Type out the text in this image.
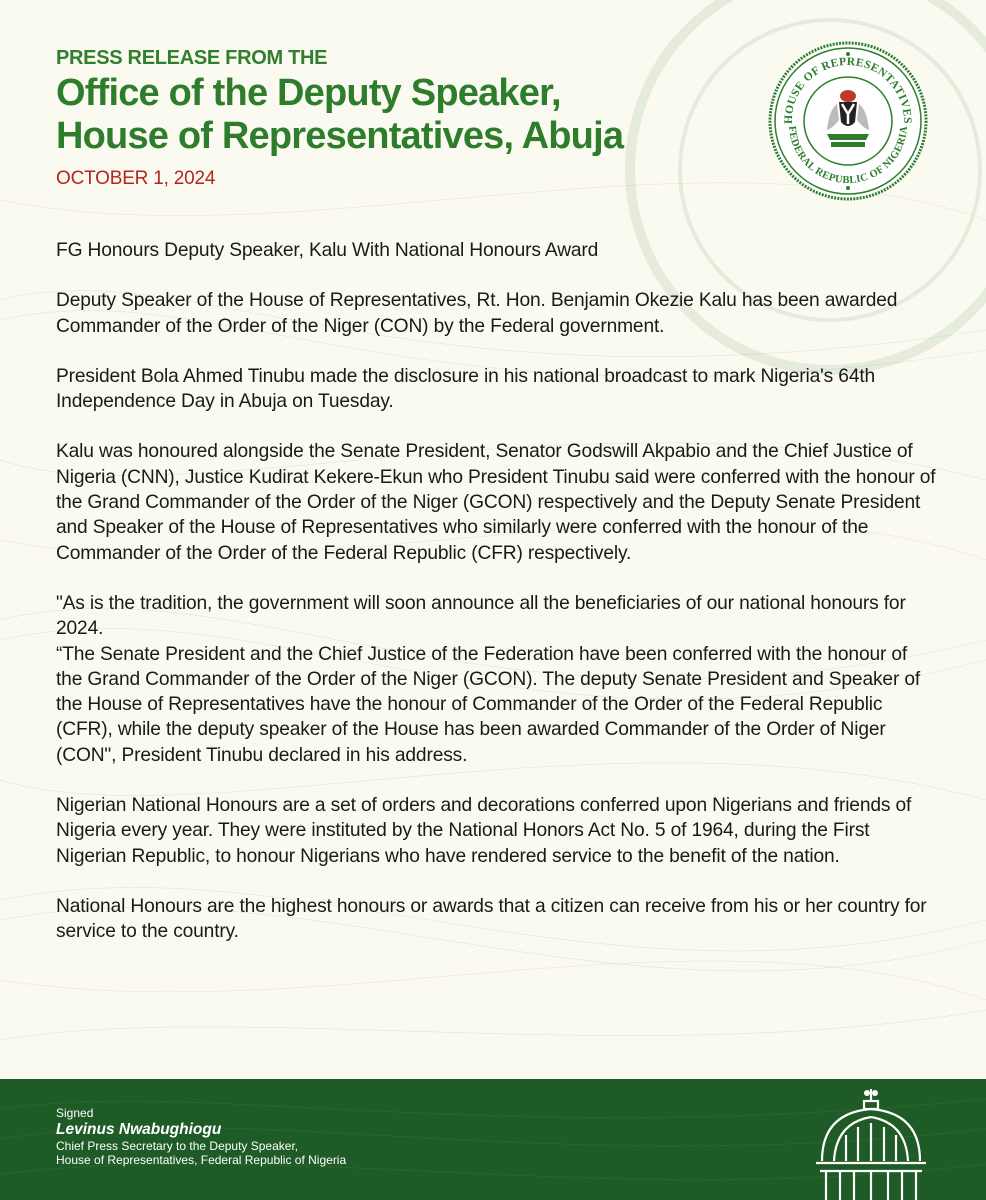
PRESS RELEASE FROM THE
Office of the Deputy Speaker,
House of Representatives, Abuja
OCTOBER 1, 2024
HOUSE OF REPRESENTATIVES
FEDERAL REPUBLIC OF NIGERIA

FG Honours Deputy Speaker, Kalu With National Honours Award

Deputy Speaker of the House of Representatives, Rt. Hon. Benjamin Okezie Kalu has been awarded Commander of the Order of the Niger (CON) by the Federal government.

President Bola Ahmed Tinubu made the disclosure in his national broadcast to mark Nigeria's 64th Independence Day in Abuja on Tuesday.

Kalu was honoured alongside the Senate President, Senator Godswill Akpabio and the Chief Justice of Nigeria (CNN), Justice Kudirat Kekere-Ekun who President Tinubu said were conferred with the honour of the Grand Commander of the Order of the Niger (GCON) respectively and the Deputy Senate President and Speaker of the House of Representatives who similarly were conferred with the honour of the Commander of the Order of the Federal Republic (CFR) respectively.

"As is the tradition, the government will soon announce all the beneficiaries of our national honours for 2024.

“The Senate President and the Chief Justice of the Federation have been conferred with the honour of the Grand Commander of the Order of the Niger (GCON). The deputy Senate President and Speaker of the House of Representatives have the honour of Commander of the Order of the Federal Republic (CFR), while the deputy speaker of the House has been awarded Commander of the Order of Niger (CON", President Tinubu declared in his address.

Nigerian National Honours are a set of orders and decorations conferred upon Nigerians and friends of Nigeria every year. They were instituted by the National Honors Act No. 5 of 1964, during the First Nigerian Republic, to honour Nigerians who have rendered service to the benefit of the nation.

National Honours are the highest honours or awards that a citizen can receive from his or her country for service to the country.

Signed
Levinus Nwabughiogu
Chief Press Secretary to the Deputy Speaker,
House of Representatives, Federal Republic of Nigeria
